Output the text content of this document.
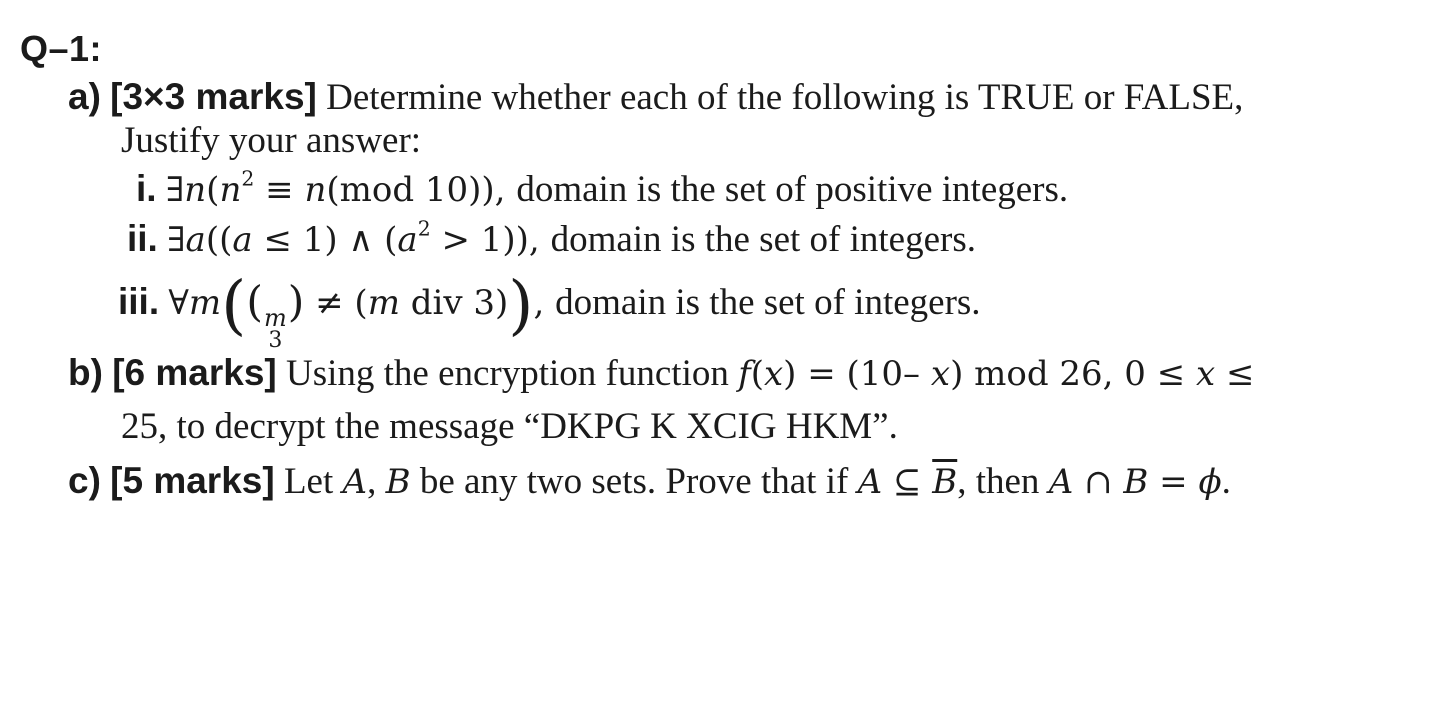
Q–1:
a) [3×3 marks] Determine whether each of the following is TRUE or FALSE,
Justify your answer:
i. $\exists n(n^2 \equiv n(mod$ 10)), domain is the set of positive integers.
ii. ∃a((a ≤ 1) ∧ $(a^2 > 1)$), domain is the set of integers.
iii. ∀m(( m
3
) ≠ (m div 3)), domain is the set of integers.
b) [6 marks] Using the encryption function f(x) = (10– x) mod 26, 0 ≤ x ≤
25, to decrypt the message “DKPG K XCIG HKM”.
c) [5 marks] Let A, B be any two sets. Prove that if A ⊆ $\overline{B}$, then A ∩ B = ϕ.
